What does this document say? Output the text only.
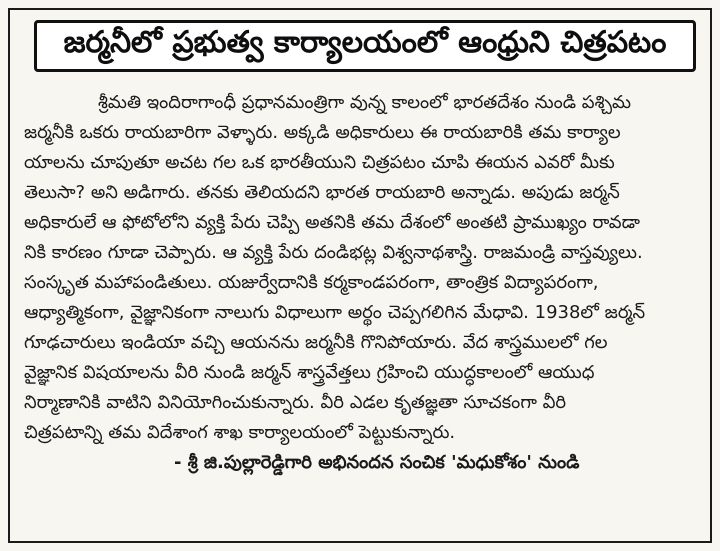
జర్మనీలో ప్రభుత్వ కార్యాలయంలో ఆంధ్రుని చిత్రపటం
శ్రీమతి ఇందిరాగాంధీ ప్రధానమంత్రిగా వున్న కాలంలో భారతదేశం నుండి పశ్చిమ
జర్మనీకి ఒకరు రాయబారిగా వెళ్ళారు. అక్కడి అధికారులు ఈ రాయబారికి తమ కార్యాల
యాలను చూపుతూ అచట గల ఒక భారతీయుని చిత్రపటం చూపి ఈయన ఎవరో మీకు
తెలుసా? అని అడిగారు. తనకు తెలియదని భారత రాయబారి అన్నాడు. అపుడు జర్మన్
అధికారులే ఆ ఫోటోలోని వ్యక్తి పేరు చెప్పి అతనికి తమ దేశంలో అంతటి ప్రాముఖ్యం రావడా
నికి కారణం గూడా చెప్పారు. ఆ వ్యక్తి పేరు దండిభట్ల విశ్వనాథశాస్త్రి. రాజమండ్రి వాస్తవ్యులు.
సంస్కృత మహాపండితులు. యజుర్వేదానికి కర్మకాండపరంగా, తాంత్రిక విద్యాపరంగా,
ఆధ్యాత్మికంగా, వైజ్ఞానికంగా నాలుగు విధాలుగా అర్థం చెప్పగలిగిన మేధావి. 1938లో జర్మన్
గూఢచారులు ఇండియా వచ్చి ఆయనను జర్మనీకి గొనిపోయారు. వేద శాస్త్రములలో గల
వైజ్ఞానిక విషయాలను వీరి నుండి జర్మన్ శాస్త్రవేత్తలు గ్రహించి యుద్ధకాలంలో ఆయుధ
నిర్మాణానికి వాటిని వినియోగించుకున్నారు. వీరి ఎడల కృతజ్ఞతా సూచకంగా వీరి
చిత్రపటాన్ని తమ విదేశాంగ శాఖ కార్యాలయంలో పెట్టుకున్నారు.
- శ్రీ జి.పుల్లారెడ్డిగారి అభినందన సంచిక 'మధుకోశం' నుండి
